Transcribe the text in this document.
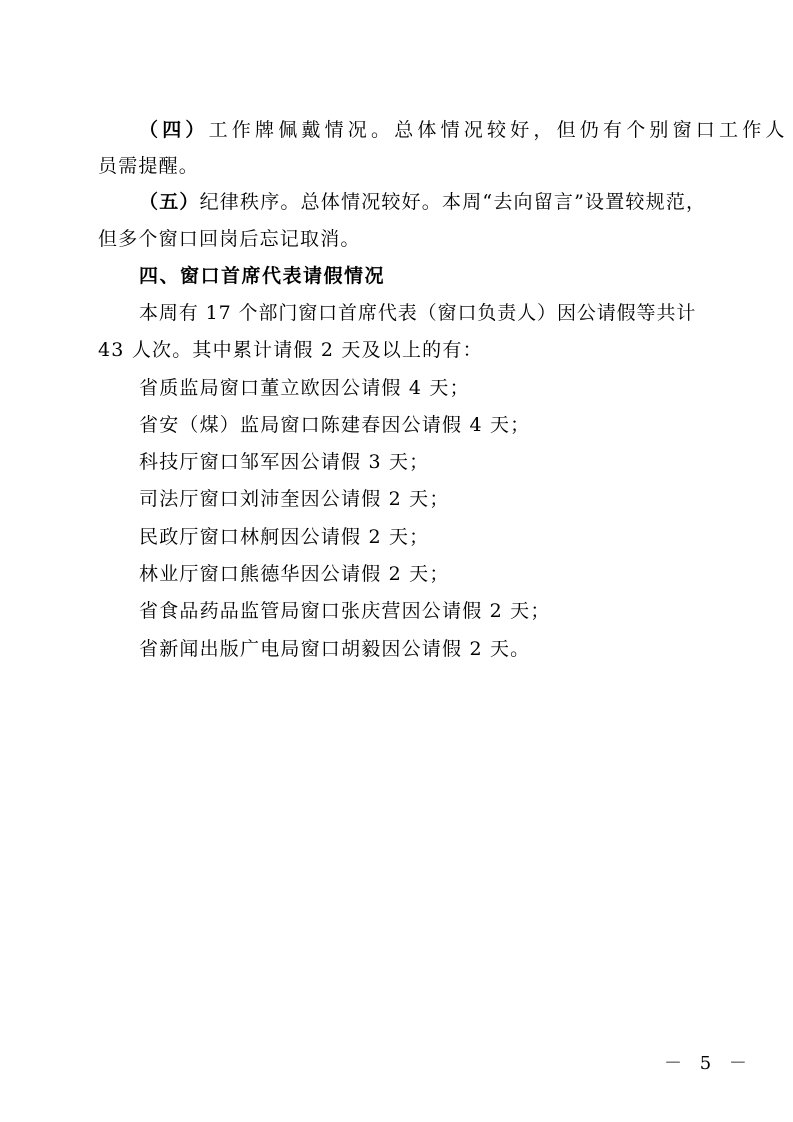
（四）工作牌佩戴情况。总体情况较好，但仍有个别窗口工作人
员需提醒。
（五）纪律秩序。总体情况较好。本周“去向留言”设置较规范，
但多个窗口回岗后忘记取消。
四、窗口首席代表请假情况
本周有 17 个部门窗口首席代表（窗口负责人）因公请假等共计
43 人次。其中累计请假 2 天及以上的有：
省质监局窗口董立欧因公请假 4 天；
省安（煤）监局窗口陈建春因公请假 4 天；
科技厅窗口邹军因公请假 3 天；
司法厅窗口刘沛奎因公请假 2 天；
民政厅窗口林舸因公请假 2 天；
林业厅窗口熊德华因公请假 2 天；
省食品药品监管局窗口张庆营因公请假 2 天；
省新闻出版广电局窗口胡毅因公请假 2 天。
－ 5 －
